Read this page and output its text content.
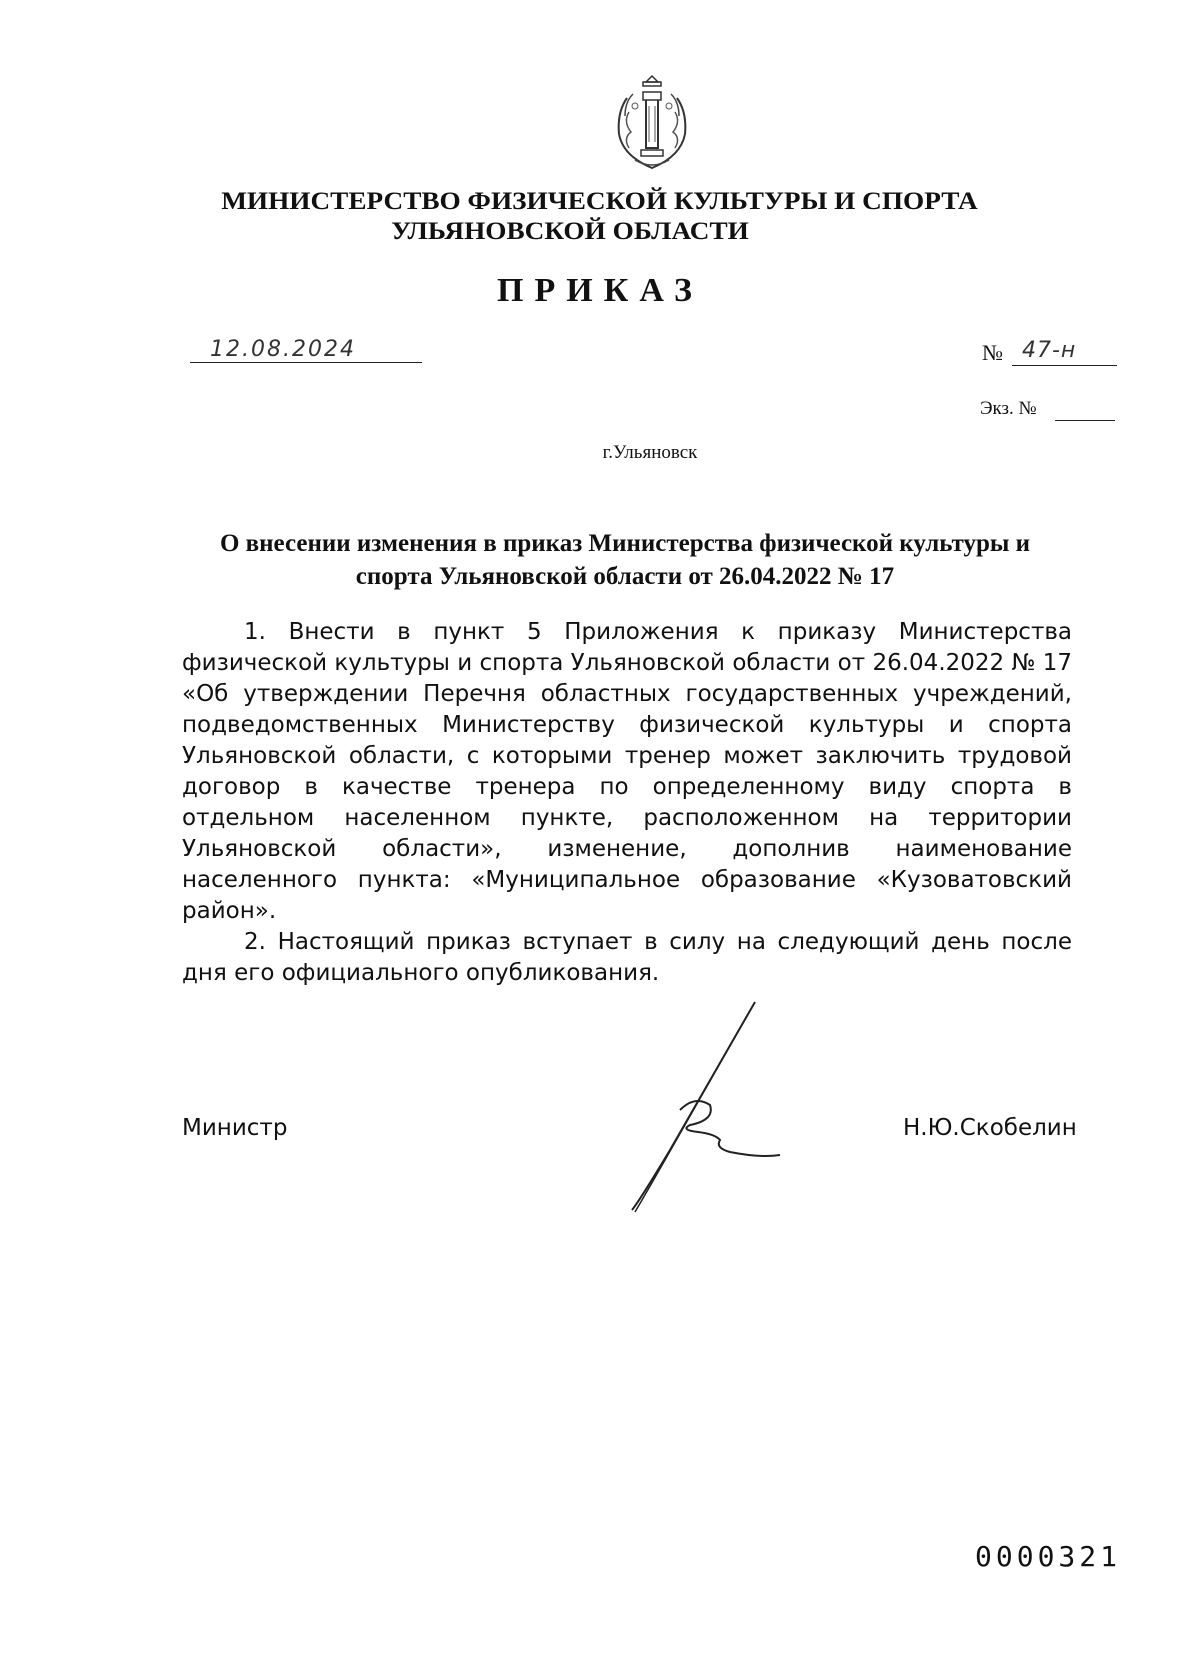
МИНИСТЕРСТВО ФИЗИЧЕСКОЙ КУЛЬТУРЫ И СПОРТА
УЛЬЯНОВСКОЙ ОБЛАСТИ
ПРИКАЗ
12.08.2024	№ 47-н
Экз. №
г.Ульяновск
О внесении изменения в приказ Министерства физической культуры и
спорта Ульяновской области от 26.04.2022 № 17

1. Внести в пункт 5 Приложения к приказу Министерства физической культуры и спорта Ульяновской области от 26.04.2022 № 17 «Об утверждении Перечня областных государственных учреждений, подведомственных Министерству физической культуры и спорта Ульяновской области, с которыми тренер может заключить трудовой договор в качестве тренера по определенному виду спорта в отдельном населенном пункте, расположенном на территории Ульяновской области», изменение, дополнив наименование населенного пункта: «Муниципальное образование «Кузоватовский район».

2. Настоящий приказ вступает в силу на следующий день после дня его официального опубликования.

Министр	Н.Ю.Скобелин
0000321
